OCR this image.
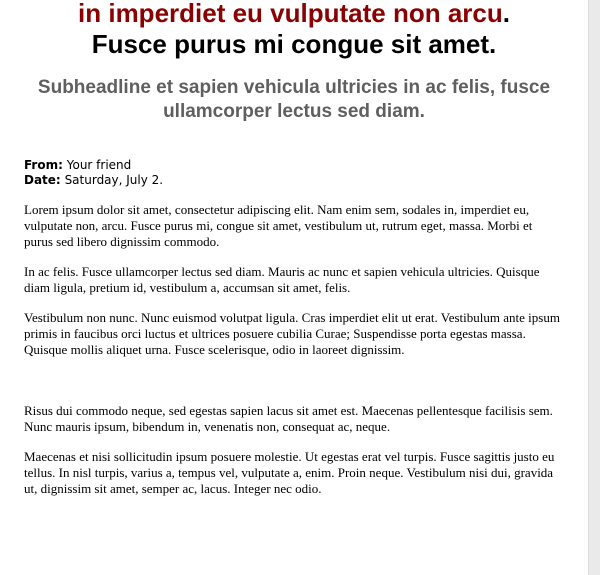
in imperdiet eu vulputate non arcu.
Fusce purus mi congue sit amet.
Subheadline et sapien vehicula ultricies in ac felis, fusce ullamcorper lectus sed diam.
From: Your friend
Date: Saturday, July 2.

Lorem ipsum dolor sit amet, consectetur adipiscing elit. Nam enim sem, sodales in, imperdiet eu, vulputate non, arcu. Fusce purus mi, congue sit amet, vestibulum ut, rutrum eget, massa. Morbi et purus sed libero dignissim commodo.

In ac felis. Fusce ullamcorper lectus sed diam. Mauris ac nunc et sapien vehicula ultricies. Quisque diam ligula, pretium id, vestibulum a, accumsan sit amet, felis.

Vestibulum non nunc. Nunc euismod volutpat ligula. Cras imperdiet elit ut erat. Vestibulum ante ipsum primis in faucibus orci luctus et ultrices posuere cubilia Curae; Suspendisse porta egestas massa. Quisque mollis aliquet urna. Fusce scelerisque, odio in laoreet dignissim.

Risus dui commodo neque, sed egestas sapien lacus sit amet est. Maecenas pellentesque facilisis sem. Nunc mauris ipsum, bibendum in, venenatis non, consequat ac, neque.

Maecenas et nisi sollicitudin ipsum posuere molestie. Ut egestas erat vel turpis. Fusce sagittis justo eu tellus. In nisl turpis, varius a, tempus vel, vulputate a, enim. Proin neque. Vestibulum nisi dui, gravida ut, dignissim sit amet, semper ac, lacus. Integer nec odio.
